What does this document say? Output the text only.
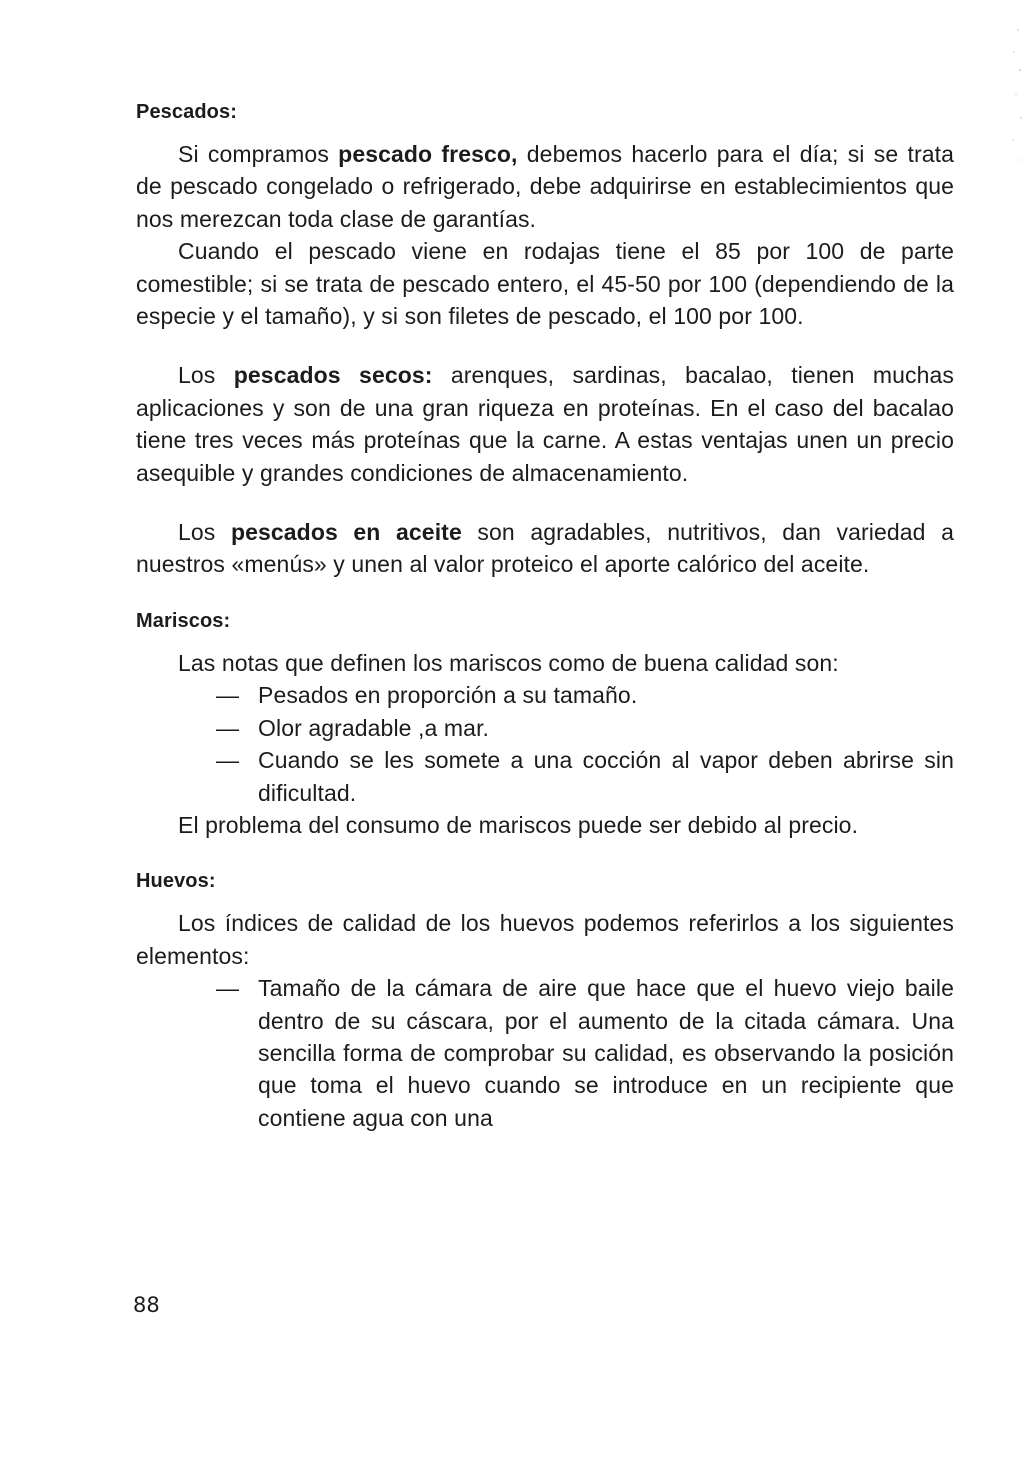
Pescados:

Si compramos pescado fresco, debemos hacerlo para el día; si se trata de pescado congelado o refrigerado, debe adquirirse en establecimientos que nos merezcan toda clase de garantías.

Cuando el pescado viene en rodajas tiene el 85 por 100 de parte comestible; si se trata de pescado entero, el 45-50 por 100 (dependiendo de la especie y el tamaño), y si son filetes de pescado, el 100 por 100.

Los pescados secos: arenques, sardinas, bacalao, tienen muchas aplicaciones y son de una gran riqueza en proteínas. En el caso del bacalao tiene tres veces más proteínas que la carne. A estas ventajas unen un precio asequible y grandes condiciones de almacenamiento.

Los pescados en aceite son agradables, nutritivos, dan variedad a nuestros «menús» y unen al valor proteico el aporte calórico del aceite.

Mariscos:

Las notas que definen los mariscos como de buena calidad son:

— Pesados en proporción a su tamaño.
— Olor agradable ,a mar.
— Cuando se les somete a una cocción al vapor deben abrirse sin dificultad.

El problema del consumo de mariscos puede ser debido al precio.

Huevos:

Los índices de calidad de los huevos podemos referirlos a los siguientes elementos:

— Tamaño de la cámara de aire que hace que el huevo viejo baile dentro de su cáscara, por el aumento de la citada cámara. Una sencilla forma de comprobar su calidad, es observando la posición que toma el huevo cuando se introduce en un recipiente que contiene agua con una
88
